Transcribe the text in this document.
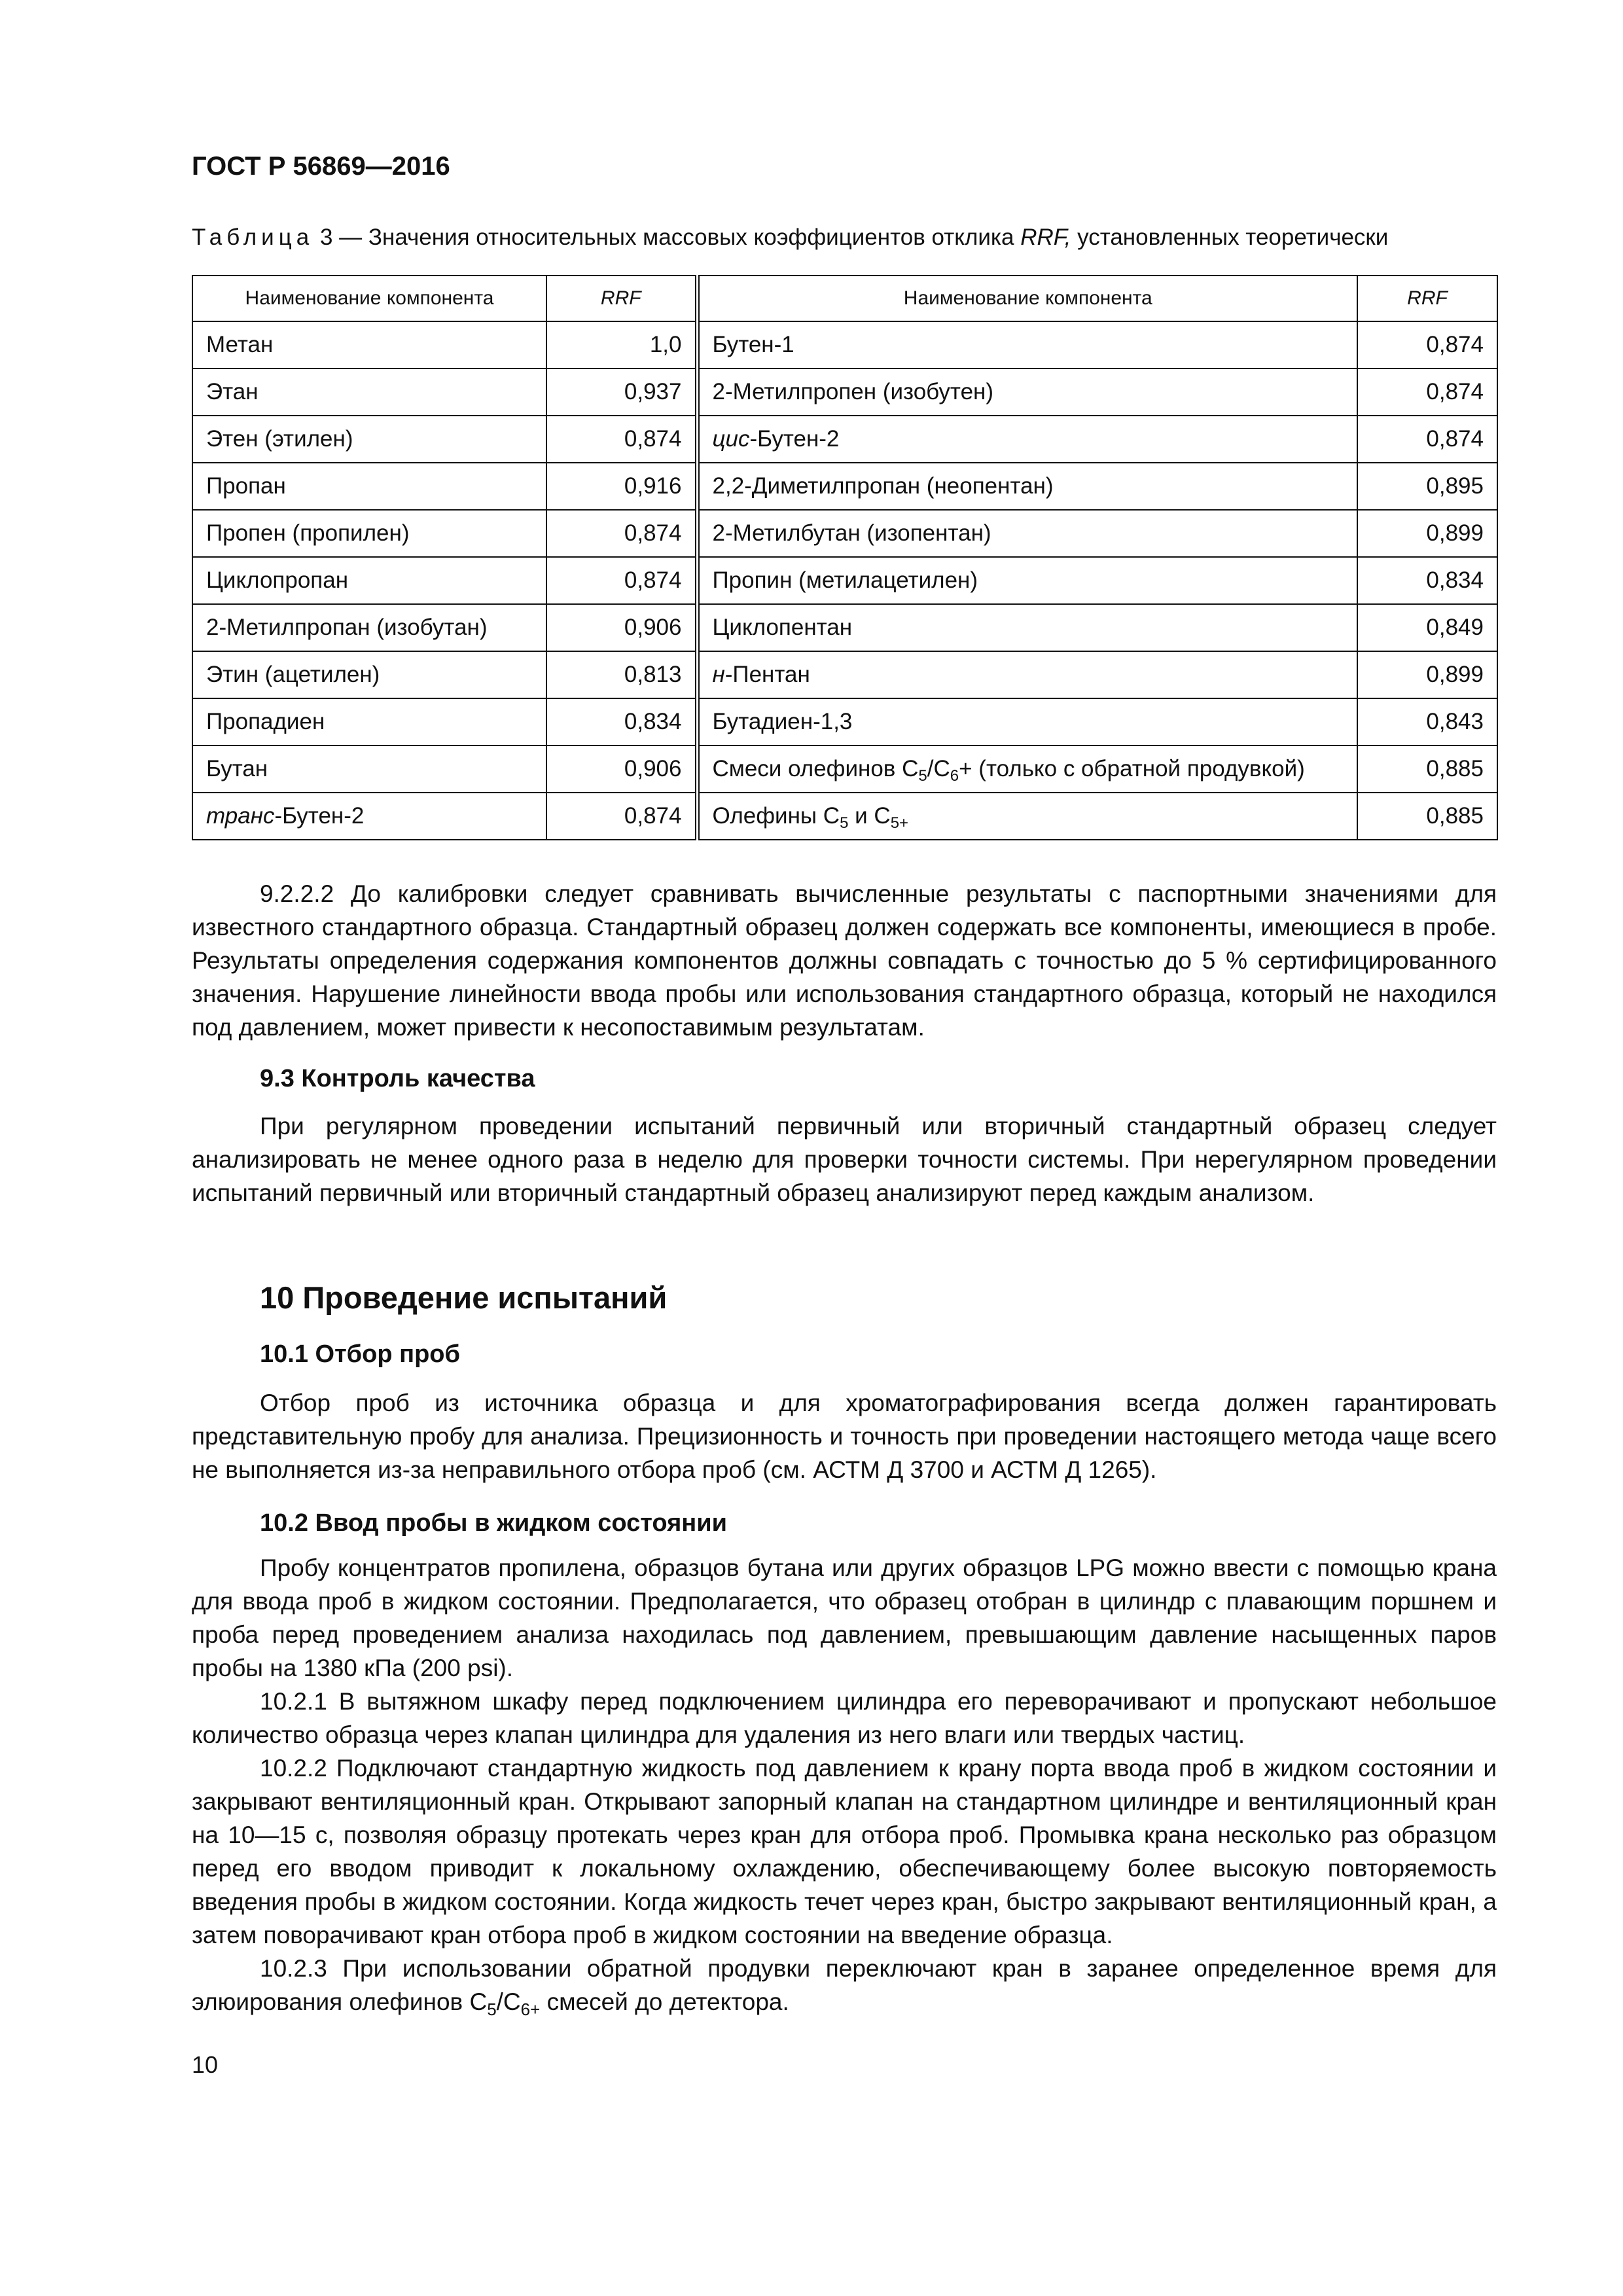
ГОСТ Р 56869—2016

Таблица 3 — Значения относительных массовых коэффициентов отклика RRF, установленных теоретически

Наименование компонента	RRF	Наименование компонента	RRF
Метан	1,0	Бутен-1	0,874
Этан	0,937	2-Метилпропен (изобутен)	0,874
Этен (этилен)	0,874	цис-Бутен-2	0,874
Пропан	0,916	2,2-Диметилпропан (неопентан)	0,895
Пропен (пропилен)	0,874	2-Метилбутан (изопентан)	0,899
Циклопропан	0,874	Пропин (метилацетилен)	0,834
2-Метилпропан (изобутан)	0,906	Циклопентан	0,849
Этин (ацетилен)	0,813	н-Пентан	0,899
Пропадиен	0,834	Бутадиен-1,3	0,843
Бутан	0,906	Смеси олефинов $С_5/С_6+$ (только с обратной продувкой)	0,885
транс-Бутен-2	0,874	Олефины $С_5$ и $С_{5+}$	0,885

9.2.2.2 До калибровки следует сравнивать вычисленные результаты с паспортными значениями для известного стандартного образца. Стандартный образец должен содержать все компоненты, имеющиеся в пробе. Результаты определения содержания компонентов должны совпадать с точностью до 5 % сертифицированного значения. Нарушение линейности ввода пробы или использования стандартного образца, который не находился под давлением, может привести к несопоставимым результатам.

9.3 Контроль качества

При регулярном проведении испытаний первичный или вторичный стандартный образец следует анализировать не менее одного раза в неделю для проверки точности системы. При нерегулярном проведении испытаний первичный или вторичный стандартный образец анализируют перед каждым анализом.

10 Проведение испытаний

10.1 Отбор проб

Отбор проб из источника образца и для хроматографирования всегда должен гарантировать представительную пробу для анализа. Прецизионность и точность при проведении настоящего метода чаще всего не выполняется из-за неправильного отбора проб (см. АСТМ Д 3700 и АСТМ Д 1265).

10.2 Ввод пробы в жидком состоянии

Пробу концентратов пропилена, образцов бутана или других образцов LPG можно ввести с помощью крана для ввода проб в жидком состоянии. Предполагается, что образец отобран в цилиндр с плавающим поршнем и проба перед проведением анализа находилась под давлением, превышающим давление насыщенных паров пробы на 1380 кПа (200 psi).

10.2.1 В вытяжном шкафу перед подключением цилиндра его переворачивают и пропускают небольшое количество образца через клапан цилиндра для удаления из него влаги или твердых частиц.

10.2.2 Подключают стандартную жидкость под давлением к крану порта ввода проб в жидком состоянии и закрывают вентиляционный кран. Открывают запорный клапан на стандартном цилиндре и вентиляционный кран на 10—15 с, позволяя образцу протекать через кран для отбора проб. Промывка крана несколько раз образцом перед его вводом приводит к локальному охлаждению, обеспечивающему более высокую повторяемость введения пробы в жидком состоянии. Когда жидкость течет через кран, быстро закрывают вентиляционный кран, а затем поворачивают кран отбора проб в жидком состоянии на введение образца.

10.2.3 При использовании обратной продувки переключают кран в заранее определенное время для элюирования олефинов $С_5/С_{6+}$ смесей до детектора.

10
